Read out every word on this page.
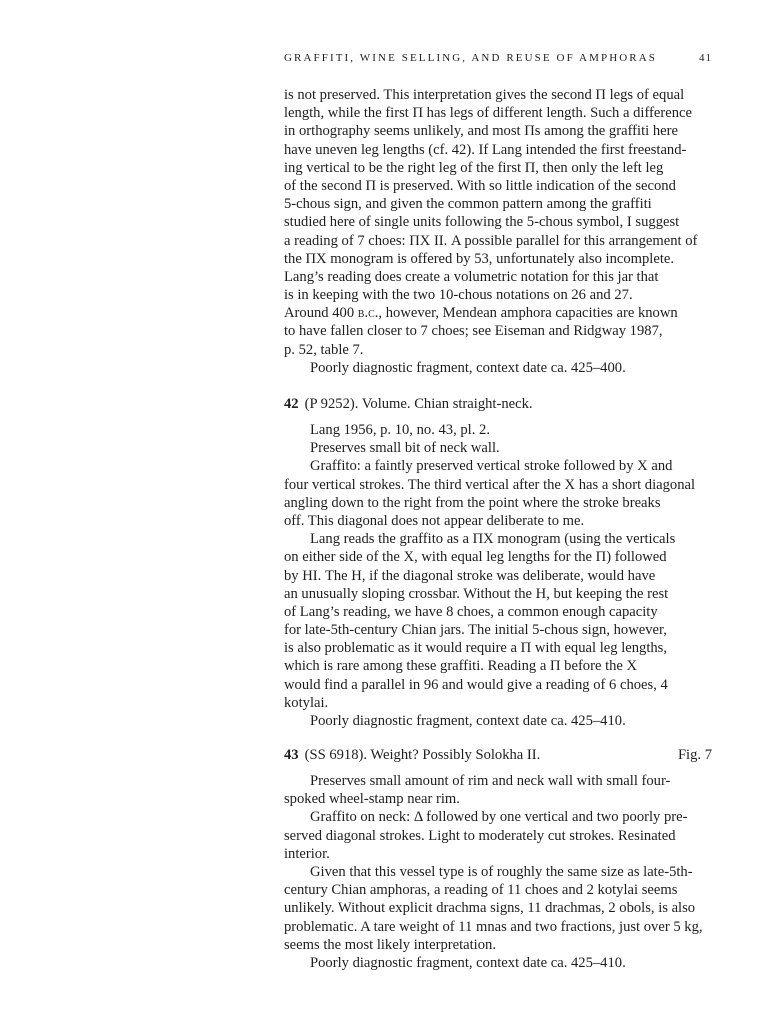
GRAFFITI, WINE SELLING, AND REUSE OF AMPHORAS	41
is not preserved. This interpretation gives the second Π legs of equal
length, while the first Π has legs of different length. Such a difference
in orthography seems unlikely, and most Πs among the graffiti here
have uneven leg lengths (cf. 42). If Lang intended the first freestand-
ing vertical to be the right leg of the first Π, then only the left leg
of the second Π is preserved. With so little indication of the second
5-chous sign, and given the common pattern among the graffiti
studied here of single units following the 5-chous symbol, I suggest
a reading of 7 choes: ΠΧ ΙΙ. A possible parallel for this arrangement of
the ΠΧ monogram is offered by 53, unfortunately also incomplete.
Lang’s reading does create a volumetric notation for this jar that
is in keeping with the two 10-chous notations on 26 and 27.
Around 400 b.c., however, Mendean amphora capacities are known
to have fallen closer to 7 choes; see Eiseman and Ridgway 1987,
p. 52, table 7.
Poorly diagnostic fragment, context date ca. 425–400.
42 (P 9252). Volume. Chian straight-neck.
Lang 1956, p. 10, no. 43, pl. 2.
Preserves small bit of neck wall.
Graffito: a faintly preserved vertical stroke followed by Χ and
four vertical strokes. The third vertical after the Χ has a short diagonal
angling down to the right from the point where the stroke breaks
off. This diagonal does not appear deliberate to me.
Lang reads the graffito as a ΠΧ monogram (using the verticals
on either side of the Χ, with equal leg lengths for the Π) followed
by ΗΙ. The Η, if the diagonal stroke was deliberate, would have
an unusually sloping crossbar. Without the Η, but keeping the rest
of Lang’s reading, we have 8 choes, a common enough capacity
for late-5th-century Chian jars. The initial 5-chous sign, however,
is also problematic as it would require a Π with equal leg lengths,
which is rare among these graffiti. Reading a Π before the Χ
would find a parallel in 96 and would give a reading of 6 choes, 4
kotylai.
Poorly diagnostic fragment, context date ca. 425–410.
43 (SS 6918). Weight? Possibly Solokha II.	Fig. 7
Preserves small amount of rim and neck wall with small four-
spoked wheel-stamp near rim.
Graffito on neck: Δ followed by one vertical and two poorly pre-
served diagonal strokes. Light to moderately cut strokes. Resinated
interior.
Given that this vessel type is of roughly the same size as late-5th-
century Chian amphoras, a reading of 11 choes and 2 kotylai seems
unlikely. Without explicit drachma signs, 11 drachmas, 2 obols, is also
problematic. A tare weight of 11 mnas and two fractions, just over 5 kg,
seems the most likely interpretation.
Poorly diagnostic fragment, context date ca. 425–410.
